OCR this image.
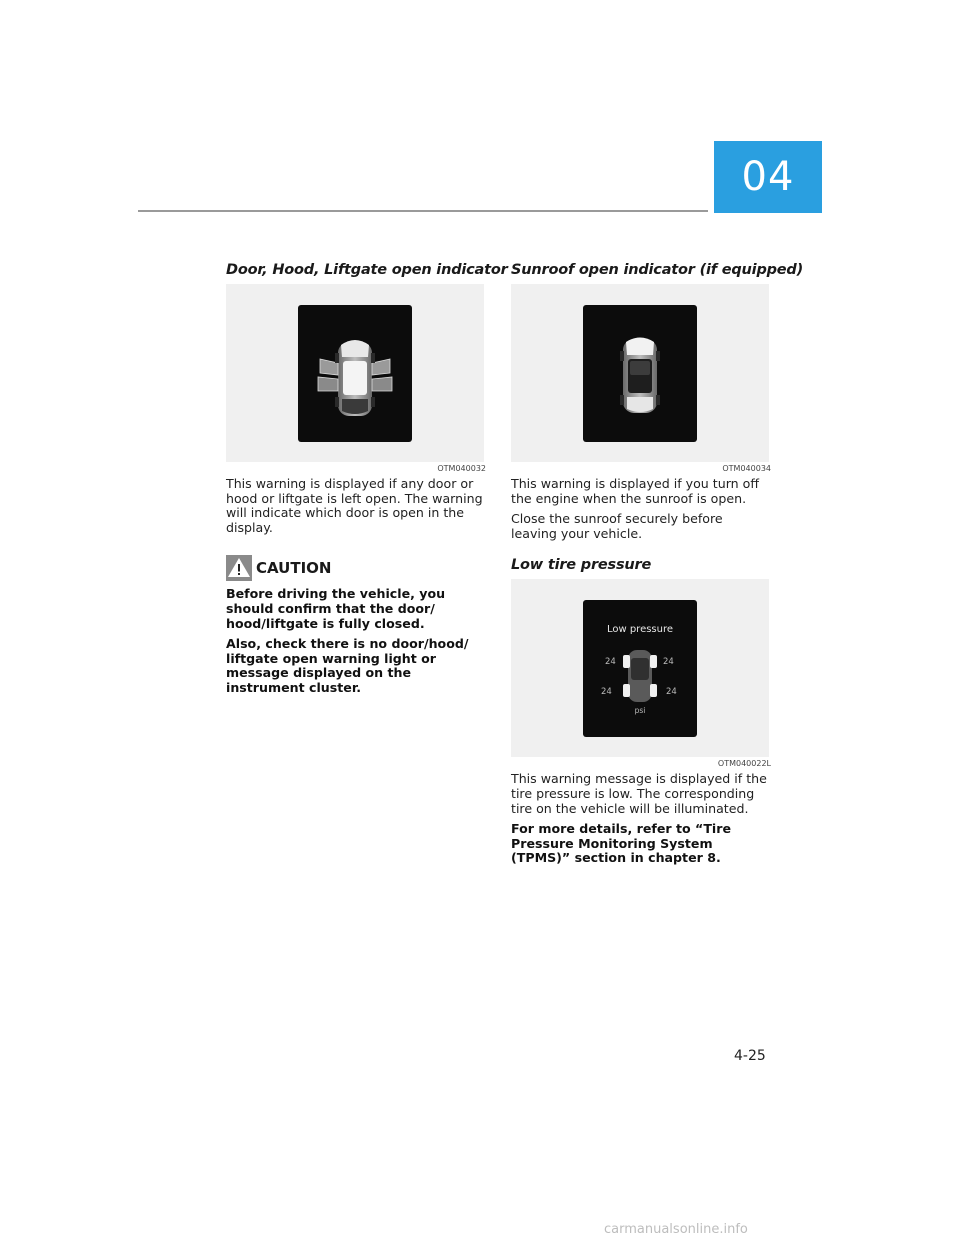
04
Door, Hood, Liftgate open indicator
OTM040032

This warning is displayed if any door or hood or liftgate is left open. The warning will indicate which door is open in the display.

CAUTION

Before driving the vehicle, you should confirm that the door/ hood/liftgate is fully closed.

Also, check there is no door/hood/ liftgate open warning light or message displayed on the instrument cluster.

Sunroof open indicator (if equipped)
OTM040034

This warning is displayed if you turn off the engine when the sunroof is open.

Close the sunroof securely before leaving your vehicle.

Low tire pressure
Low pressure
24	24
24	24
psi
OTM040022L

This warning message is displayed if the tire pressure is low. The corresponding tire on the vehicle will be illuminated.

For more details, refer to “Tire Pressure Monitoring System (TPMS)” section in chapter 8.

4-25
carmanualsonline.info
